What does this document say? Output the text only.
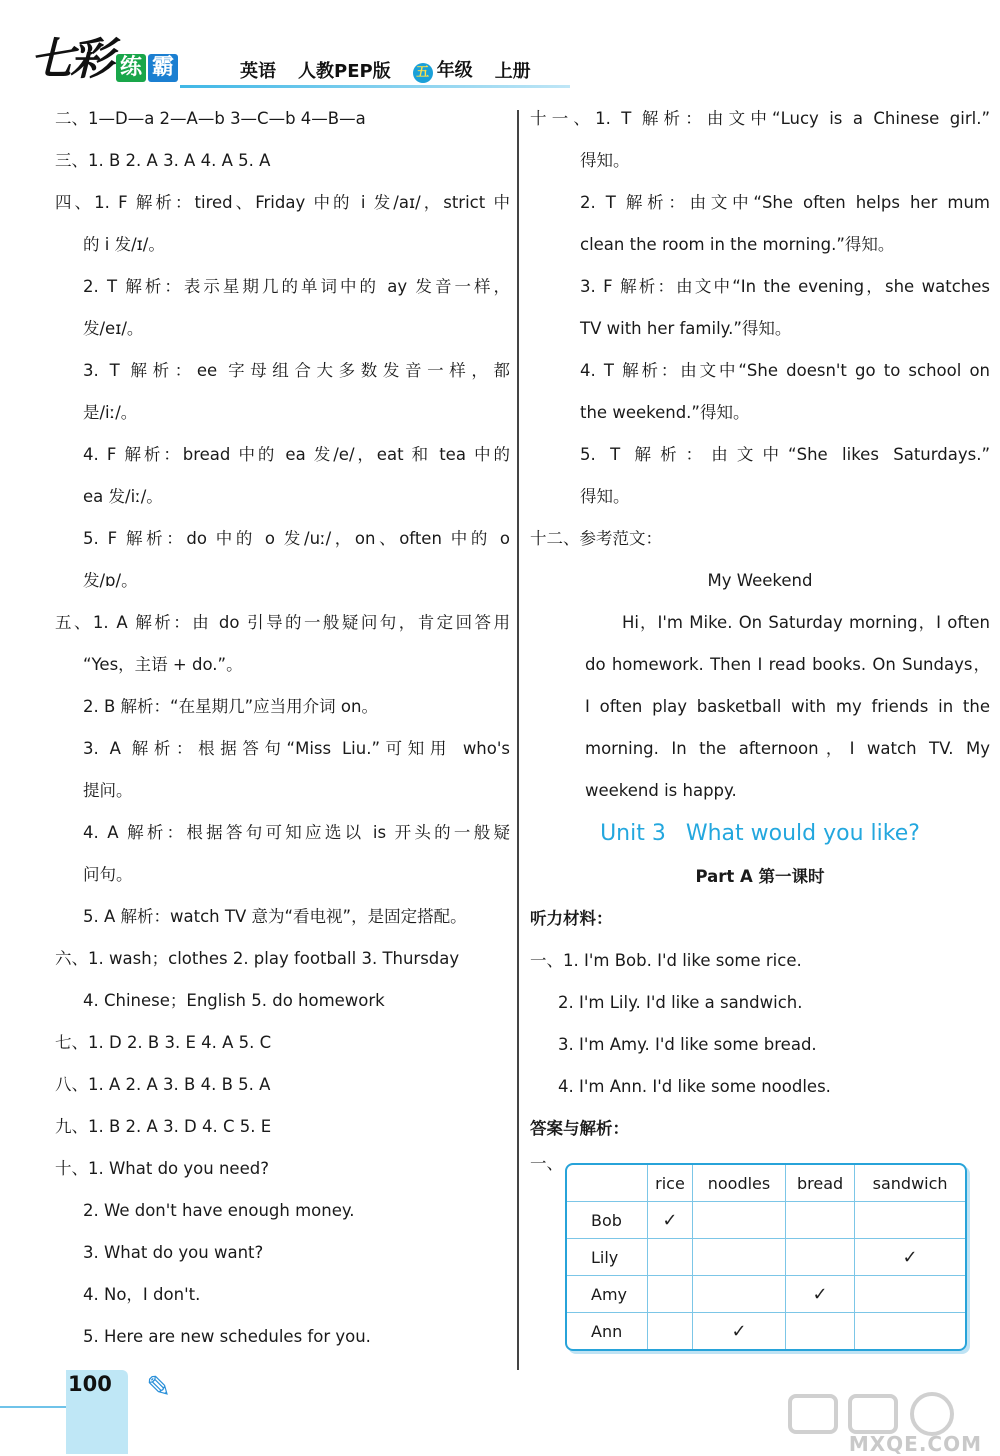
七彩 练 霸	英语 人教PEP版 五 年级 上册
二、1—D—a 2—A—b 3—C—b 4—B—a
三、1. B 2. A 3. A 4. A 5. A
四、1. F 解析：tired、Friday 中的 i 发/aɪ/，strict 中
的 i 发/ɪ/。
2. T 解析：表示星期几的单词中的 ay 发音一样，
发/eɪ/。
3. T 解析：ee 字母组合大多数发音一样，都
是/iː/。
4. F 解析：bread 中的 ea 发/e/，eat 和 tea 中的
ea 发/iː/。
5. F 解析：do 中的 o 发/uː/，on、often 中的 o
发/ɒ/。
五、1. A 解析：由 do 引导的一般疑问句，肯定回答用
“Yes，主语 + do.”。
2. B 解析：“在星期几”应当用介词 on。
3. A 解析：根据答句“Miss Liu.”可知用 who's
提问。
4. A 解析：根据答句可知应选以 is 开头的一般疑
问句。
5. A 解析：watch TV 意为“看电视”，是固定搭配。
六、1. wash；clothes 2. play football 3. Thursday
4. Chinese；English 5. do homework
七、1. D 2. B 3. E 4. A 5. C
八、1. A 2. A 3. B 4. B 5. A
九、1. B 2. A 3. D 4. C 5. E
十、1. What do you need?
2. We don't have enough money.
3. What do you want?
4. No，I don't.
5. Here are new schedules for you.
十一、1. T 解析：由文中“Lucy is a Chinese girl.”
得知。
2. T 解析：由文中“She often helps her mum
clean the room in the morning.”得知。
3. F 解析：由文中“In the evening，she watches
TV with her family.”得知。
4. T 解析：由文中“She doesn't go to school on
the weekend.”得知。
5. T 解析：由文中“She likes Saturdays.”
得知。
十二、参考范文：
My Weekend
Hi，I'm Mike. On Saturday morning，I often
do homework. Then I read books. On Sundays，
I often play basketball with my friends in the
morning. In the afternoon，I watch TV. My
weekend is happy.
Unit 3 What would you like?
Part A 第一课时
听力材料：
一、1. I'm Bob. I'd like some rice.
2. I'm Lily. I'd like a sandwich.
3. I'm Amy. I'd like some bread.
4. I'm Ann. I'd like some noodles.
答案与解析：
一、
	rice	noodles	bread	sandwich
Bob	✓			
Lily				✓
Amy			✓	
Ann		✓		
100 ✎
MXQE.COM
